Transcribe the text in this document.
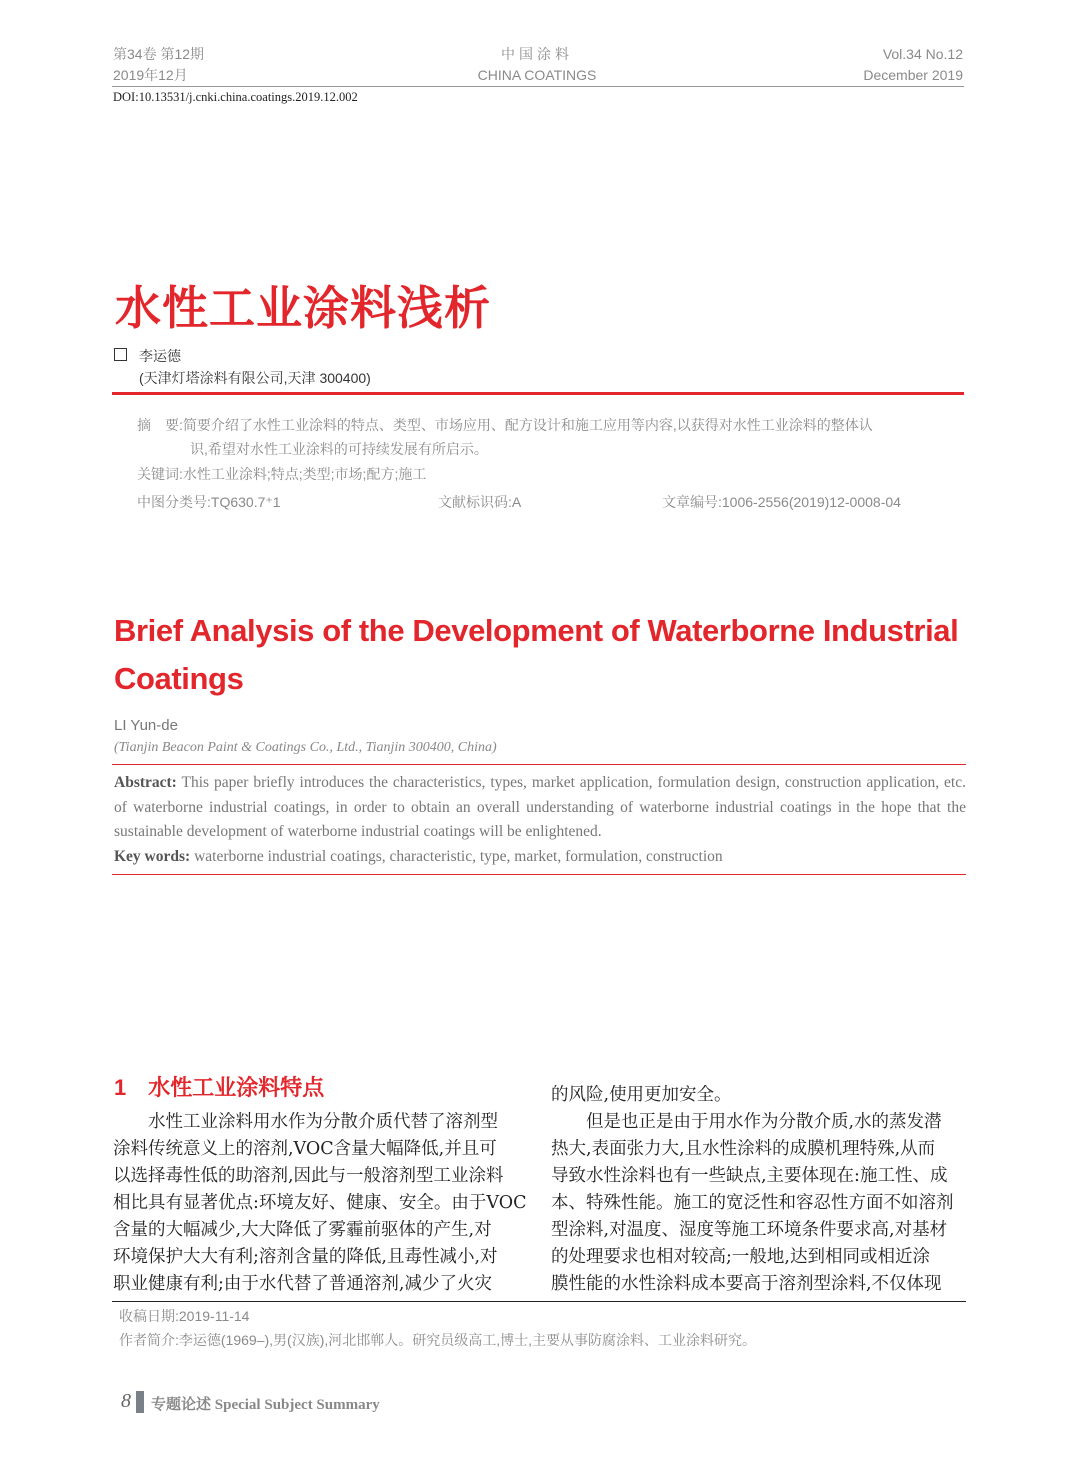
第34卷 第12期
2019年12月
中国涂料
CHINA COATINGS
Vol.34 No.12
December 2019
DOI:10.13531/j.cnki.china.coatings.2019.12.002
水性工业涂料浅析
李运德
(天津灯塔涂料有限公司,天津 300400)
摘　要:简要介绍了水性工业涂料的特点、类型、市场应用、配方设计和施工应用等内容,以获得对水性工业涂料的整体认
识,希望对水性工业涂料的可持续发展有所启示。
关键词:水性工业涂料;特点;类型;市场;配方;施工
中图分类号:TQ630.7⁺1	文献标识码:A	文章编号:1006-2556(2019)12-0008-04
Brief Analysis of the Development of Waterborne Industrial
Coatings
LI Yun-de
(Tianjin Beacon Paint & Coatings Co., Ltd., Tianjin 300400, China)
Abstract: This paper briefly introduces the characteristics, types, market application, formulation design, construction application, etc. of waterborne industrial coatings, in order to obtain an overall understanding of waterborne industrial coatings in the hope that the sustainable development of waterborne industrial coatings will be enlightened.
Key words: waterborne industrial coatings, characteristic, type, market, formulation, construction
1　水性工业涂料特点
　　水性工业涂料用水作为分散介质代替了溶剂型
涂料传统意义上的溶剂,VOC含量大幅降低,并且可
以选择毒性低的助溶剂,因此与一般溶剂型工业涂料
相比具有显著优点:环境友好、健康、安全。由于VOC
含量的大幅减少,大大降低了雾霾前驱体的产生,对
环境保护大大有利;溶剂含量的降低,且毒性减小,对
职业健康有利;由于水代替了普通溶剂,减少了火灾
的风险,使用更加安全。
　　但是也正是由于用水作为分散介质,水的蒸发潜
热大,表面张力大,且水性涂料的成膜机理特殊,从而
导致水性涂料也有一些缺点,主要体现在:施工性、成
本、特殊性能。施工的宽泛性和容忍性方面不如溶剂
型涂料,对温度、湿度等施工环境条件要求高,对基材
的处理要求也相对较高;一般地,达到相同或相近涂
膜性能的水性涂料成本要高于溶剂型涂料,不仅体现
收稿日期:2019-11-14
作者简介:李运德(1969–),男(汉族),河北邯郸人。研究员级高工,博士,主要从事防腐涂料、工业涂料研究。
8 专题论述 Special Subject Summary
